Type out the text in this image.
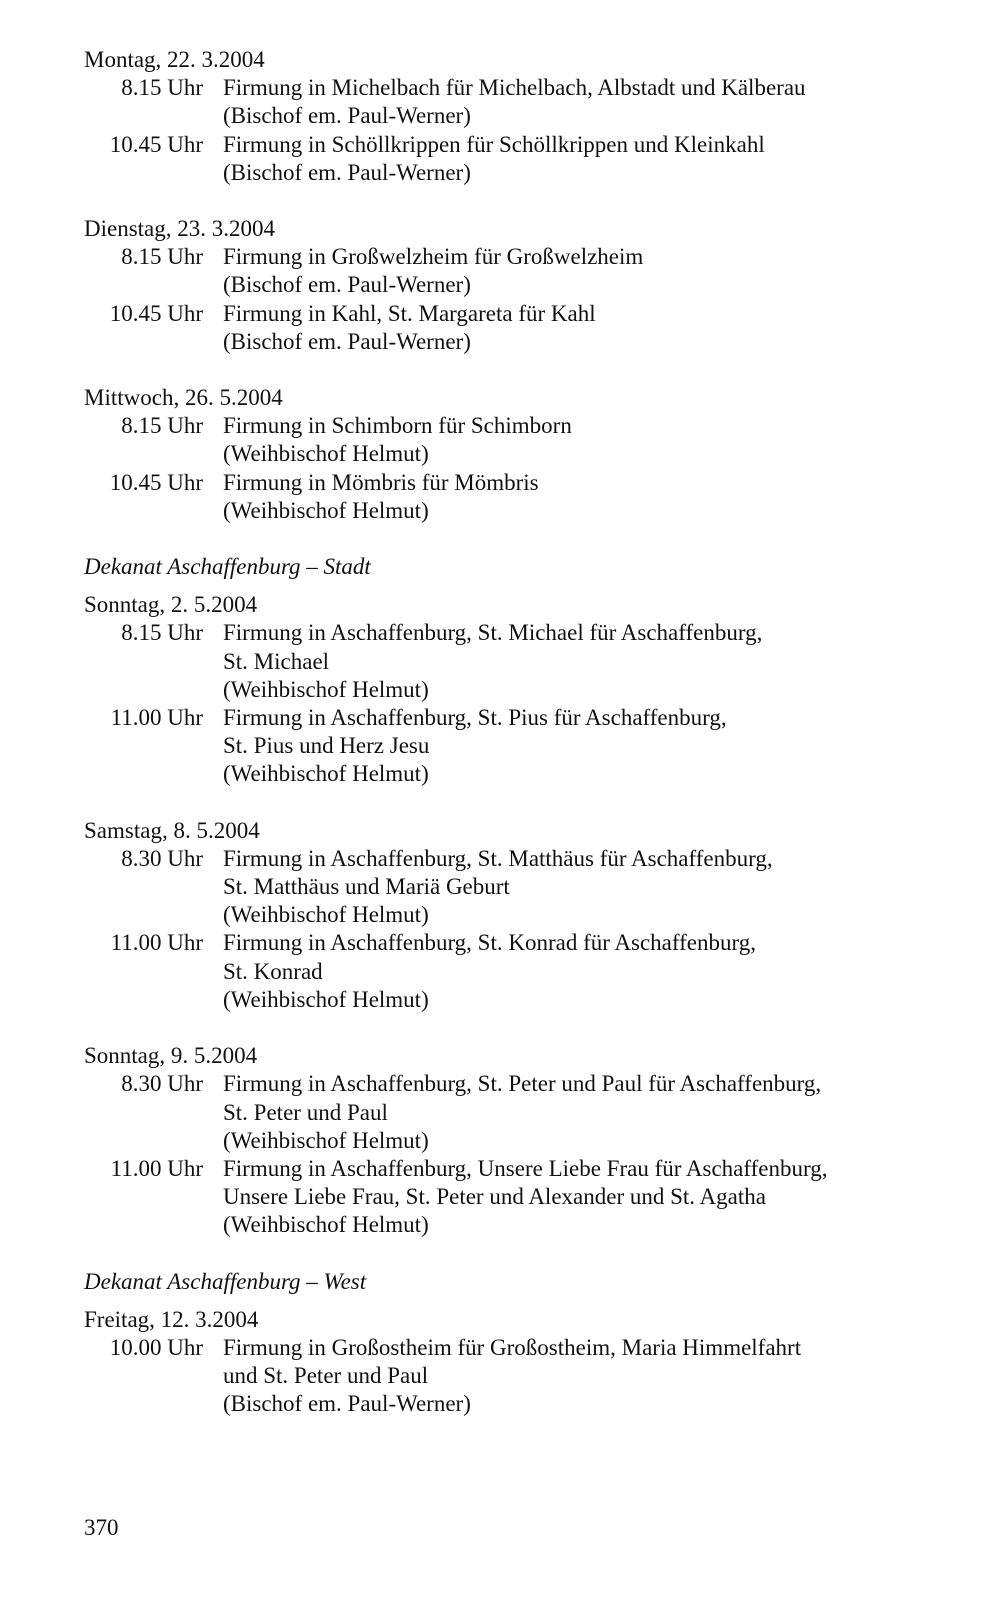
Montag, 22. 3.2004
8.15 Uhr Firmung in Michelbach für Michelbach, Albstadt und Kälberau
(Bischof em. Paul-Werner)
10.45 Uhr Firmung in Schöllkrippen für Schöllkrippen und Kleinkahl
(Bischof em. Paul-Werner)
Dienstag, 23. 3.2004
8.15 Uhr Firmung in Großwelzheim für Großwelzheim
(Bischof em. Paul-Werner)
10.45 Uhr Firmung in Kahl, St. Margareta für Kahl
(Bischof em. Paul-Werner)
Mittwoch, 26. 5.2004
8.15 Uhr Firmung in Schimborn für Schimborn
(Weihbischof Helmut)
10.45 Uhr Firmung in Mömbris für Mömbris
(Weihbischof Helmut)
Dekanat Aschaffenburg – Stadt
Sonntag, 2. 5.2004
8.15 Uhr Firmung in Aschaffenburg, St. Michael für Aschaffenburg,
St. Michael
(Weihbischof Helmut)
11.00 Uhr Firmung in Aschaffenburg, St. Pius für Aschaffenburg,
St. Pius und Herz Jesu
(Weihbischof Helmut)
Samstag, 8. 5.2004
8.30 Uhr Firmung in Aschaffenburg, St. Matthäus für Aschaffenburg,
St. Matthäus und Mariä Geburt
(Weihbischof Helmut)
11.00 Uhr Firmung in Aschaffenburg, St. Konrad für Aschaffenburg,
St. Konrad
(Weihbischof Helmut)
Sonntag, 9. 5.2004
8.30 Uhr Firmung in Aschaffenburg, St. Peter und Paul für Aschaffenburg,
St. Peter und Paul
(Weihbischof Helmut)
11.00 Uhr Firmung in Aschaffenburg, Unsere Liebe Frau für Aschaffenburg,
Unsere Liebe Frau, St. Peter und Alexander und St. Agatha
(Weihbischof Helmut)
Dekanat Aschaffenburg – West
Freitag, 12. 3.2004
10.00 Uhr Firmung in Großostheim für Großostheim, Maria Himmelfahrt
und St. Peter und Paul
(Bischof em. Paul-Werner)
370
